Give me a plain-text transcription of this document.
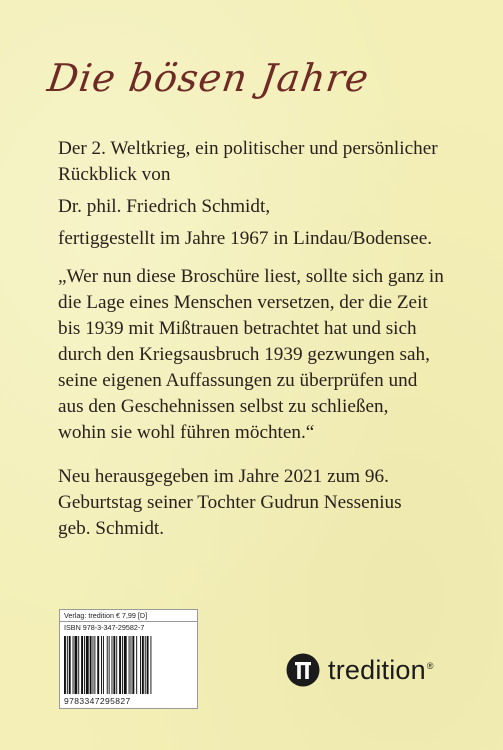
Die bösen Jahre
Der 2. Weltkrieg, ein politischer und persönlicher
Rückblick von
Dr. phil. Friedrich Schmidt,
fertiggestellt im Jahre 1967 in Lindau/Bodensee.
„Wer nun diese Broschüre liest, sollte sich ganz in
die Lage eines Menschen versetzen, der die Zeit
bis 1939 mit Mißtrauen betrachtet hat und sich
durch den Kriegsausbruch 1939 gezwungen sah,
seine eigenen Auffassungen zu überprüfen und
aus den Geschehnissen selbst zu schließen,
wohin sie wohl führen möchten.“
Neu herausgegeben im Jahre 2021 zum 96.
Geburtstag seiner Tochter Gudrun Nessenius
geb. Schmidt.
Verlag: tredition € 7,99 [D]
ISBN 978-3-347-29582-7
9783347295827
tredition®
